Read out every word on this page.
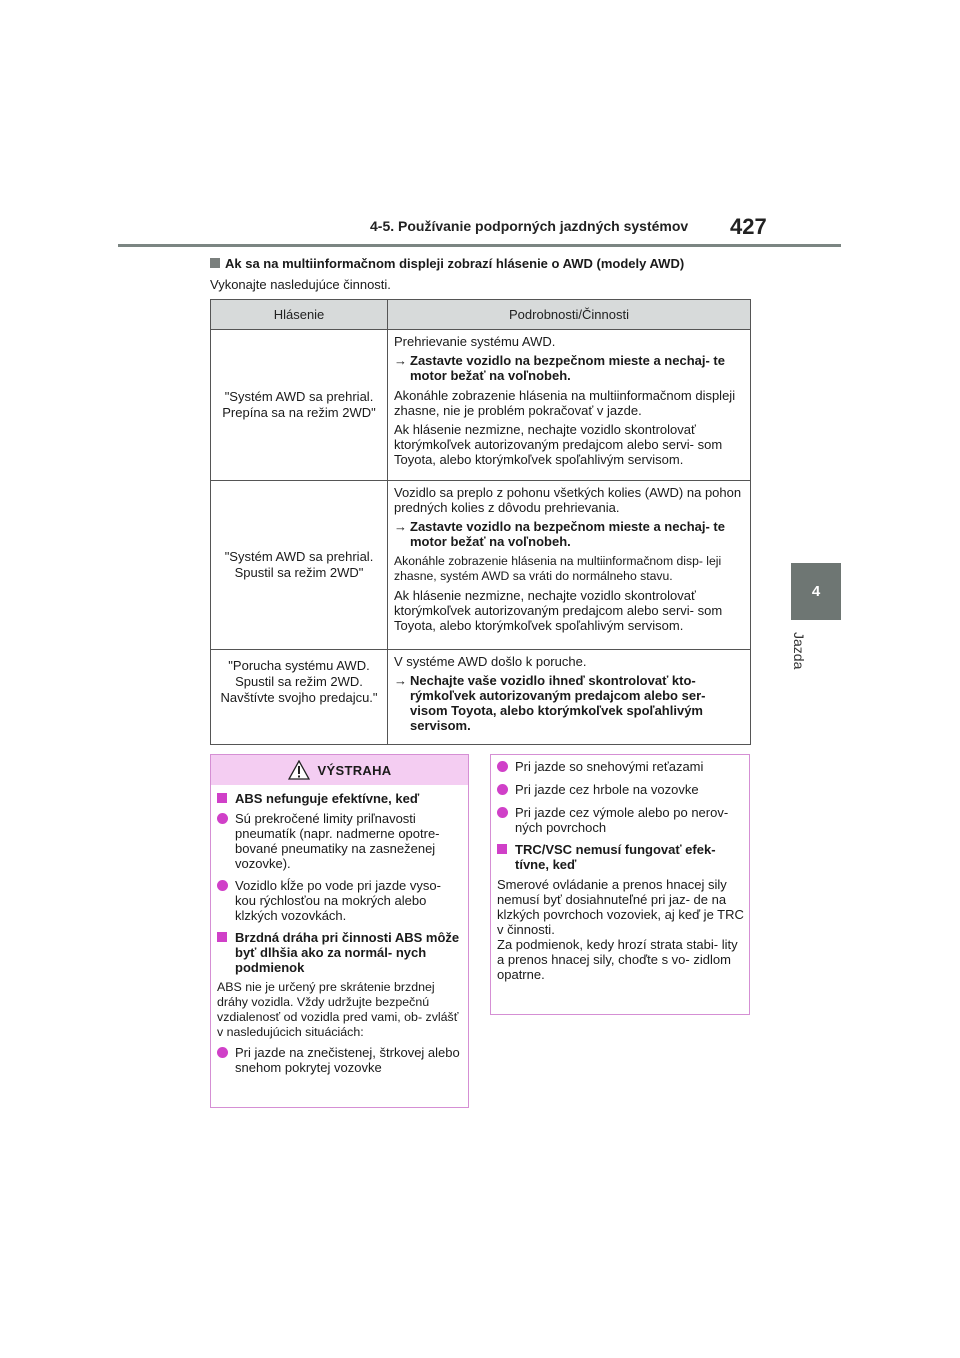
4-5. Používanie podporných jazdných systémov 427
4
Jazda
Ak sa na multiinformačnom displeji zobrazí hlásenie o AWD (modely AWD)
Vykonajte nasledujúce činnosti.
Hlásenie	Podrobnosti/Činnosti
"Systém AWD sa prehrial. Prepína sa na režim 2WD"	Prehrievanie systému AWD.

→ Zastavte vozidlo na bezpečnom mieste a nechaj- te motor bežať na voľnobeh.

Akonáhle zobrazenie hlásenia na multiinformačnom displeji zhasne, nie je problém pokračovať v jazde.

Ak hlásenie nezmizne, nechajte vozidlo skontrolovať ktorýmkoľvek autorizovaným predajcom alebo servi- som Toyota, alebo ktorýmkoľvek spoľahlivým servisom.

"Systém AWD sa prehrial. Spustil sa režim 2WD"	Vozidlo sa preplo z pohonu všetkých kolies (AWD) na pohon predných kolies z dôvodu prehrievania.

→ Zastavte vozidlo na bezpečnom mieste a nechaj- te motor bežať na voľnobeh.

Akonáhle zobrazenie hlásenia na multiinformačnom disp- leji zhasne, systém AWD sa vráti do normálneho stavu.

Ak hlásenie nezmizne, nechajte vozidlo skontrolovať ktorýmkoľvek autorizovaným predajcom alebo servi- som Toyota, alebo ktorýmkoľvek spoľahlivým servisom.

"Porucha systému AWD. Spustil sa režim 2WD. Navštívte svojho predajcu."	V systéme AWD došlo k poruche.

→ Nechajte vaše vozidlo ihneď skontrolovať kto- rýmkoľvek autorizovaným predajcom alebo ser- visom Toyota, alebo ktorýmkoľvek spoľahlivým servisom.
VÝSTRAHA
ABS nefunguje efektívne, keď
Sú prekročené limity priľnavosti pneumatík (napr. nadmerne opotre- bované pneumatiky na zasneženej vozovke).
Vozidlo kĺže po vode pri jazde vyso- kou rýchlosťou na mokrých alebo klzkých vozovkách.
Brzdná dráha pri činnosti ABS môže byť dlhšia ako za normál- nych podmienok

ABS nie je určený pre skrátenie brzdnej dráhy vozidla. Vždy udržujte bezpečnú vzdialenosť od vozidla pred vami, ob- zvlášť v nasledujúcich situáciách:

Pri jazde na znečistenej, štrkovej alebo snehom pokrytej vozovke
Pri jazde so snehovými reťazami
Pri jazde cez hrbole na vozovke
Pri jazde cez výmole alebo po nerov- ných povrchoch
TRC/VSC nemusí fungovať efek- tívne, keď

Smerové ovládanie a prenos hnacej sily nemusí byť dosiahnuteľné pri jaz- de na klzkých povrchoch vozoviek, aj keď je TRC v činnosti.

Za podmienok, kedy hrozí strata stabi- lity a prenos hnacej sily, choďte s vo- zidlom opatrne.
